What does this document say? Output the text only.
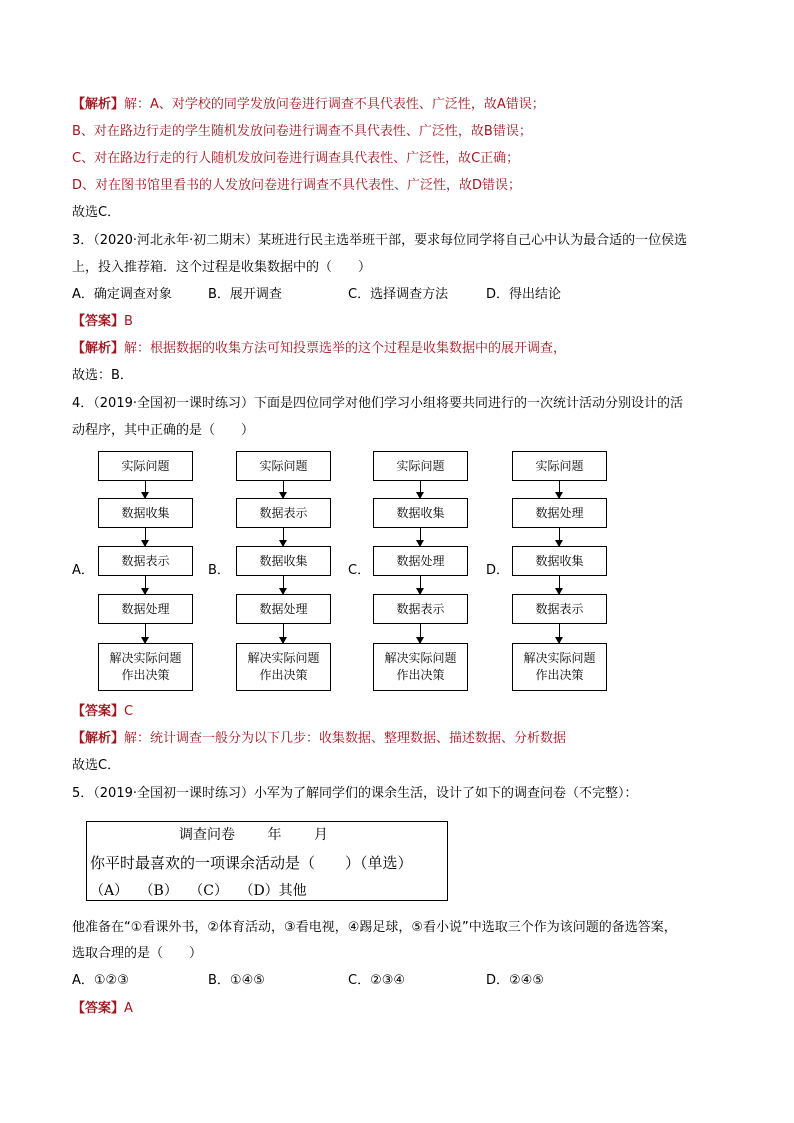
【解析】解：A、对学校的同学发放问卷进行调查不具代表性、广泛性，故A错误；
B、对在路边行走的学生随机发放问卷进行调查不具代表性、广泛性，故B错误；
C、对在路边行走的行人随机发放问卷进行调查具代表性、广泛性，故C正确；
D、对在图书馆里看书的人发放问卷进行调查不具代表性、广泛性，故D错误；
故选C．
3．（2020·河北永年·初二期末）某班进行民主选举班干部，要求每位同学将自己心中认为最合适的一位侯选
上，投入推荐箱．这个过程是收集数据中的（　　）
A．确定调查对象	B．展开调查	C．选择调查方法	D．得出结论
【答案】B
【解析】解：根据数据的收集方法可知投票选举的这个过程是收集数据中的展开调查，
故选：B．
4．（2019·全国初一课时练习）下面是四位同学对他们学习小组将要共同进行的一次统计活动分别设计的活
动程序，其中正确的是（　　）
A．
实际问题
数据收集
数据表示
数据处理
解决实际问题
作出决策
B．
实际问题
数据表示
数据收集
数据处理
解决实际问题
作出决策
C．
实际问题
数据收集
数据处理
数据表示
解决实际问题
作出决策
D．
实际问题
数据处理
数据收集
数据表示
解决实际问题
作出决策
【答案】C
【解析】解：统计调查一般分为以下几步：收集数据、整理数据、描述数据、分析数据
故选C．
5．（2019·全国初一课时练习）小军为了解同学们的课余生活，设计了如下的调查问卷（不完整）：
调查问卷　　 年　　 月
你平时最喜欢的一项课余活动是（　　）（单选）
（A）　 （B）　 （C）　 （D）其他
他准备在“①看课外书，②体育活动，③看电视，④踢足球，⑤看小说”中选取三个作为该问题的备选答案，
选取合理的是（　　）
A．①②③	B．①④⑤	C．②③④	D．②④⑤
【答案】A
